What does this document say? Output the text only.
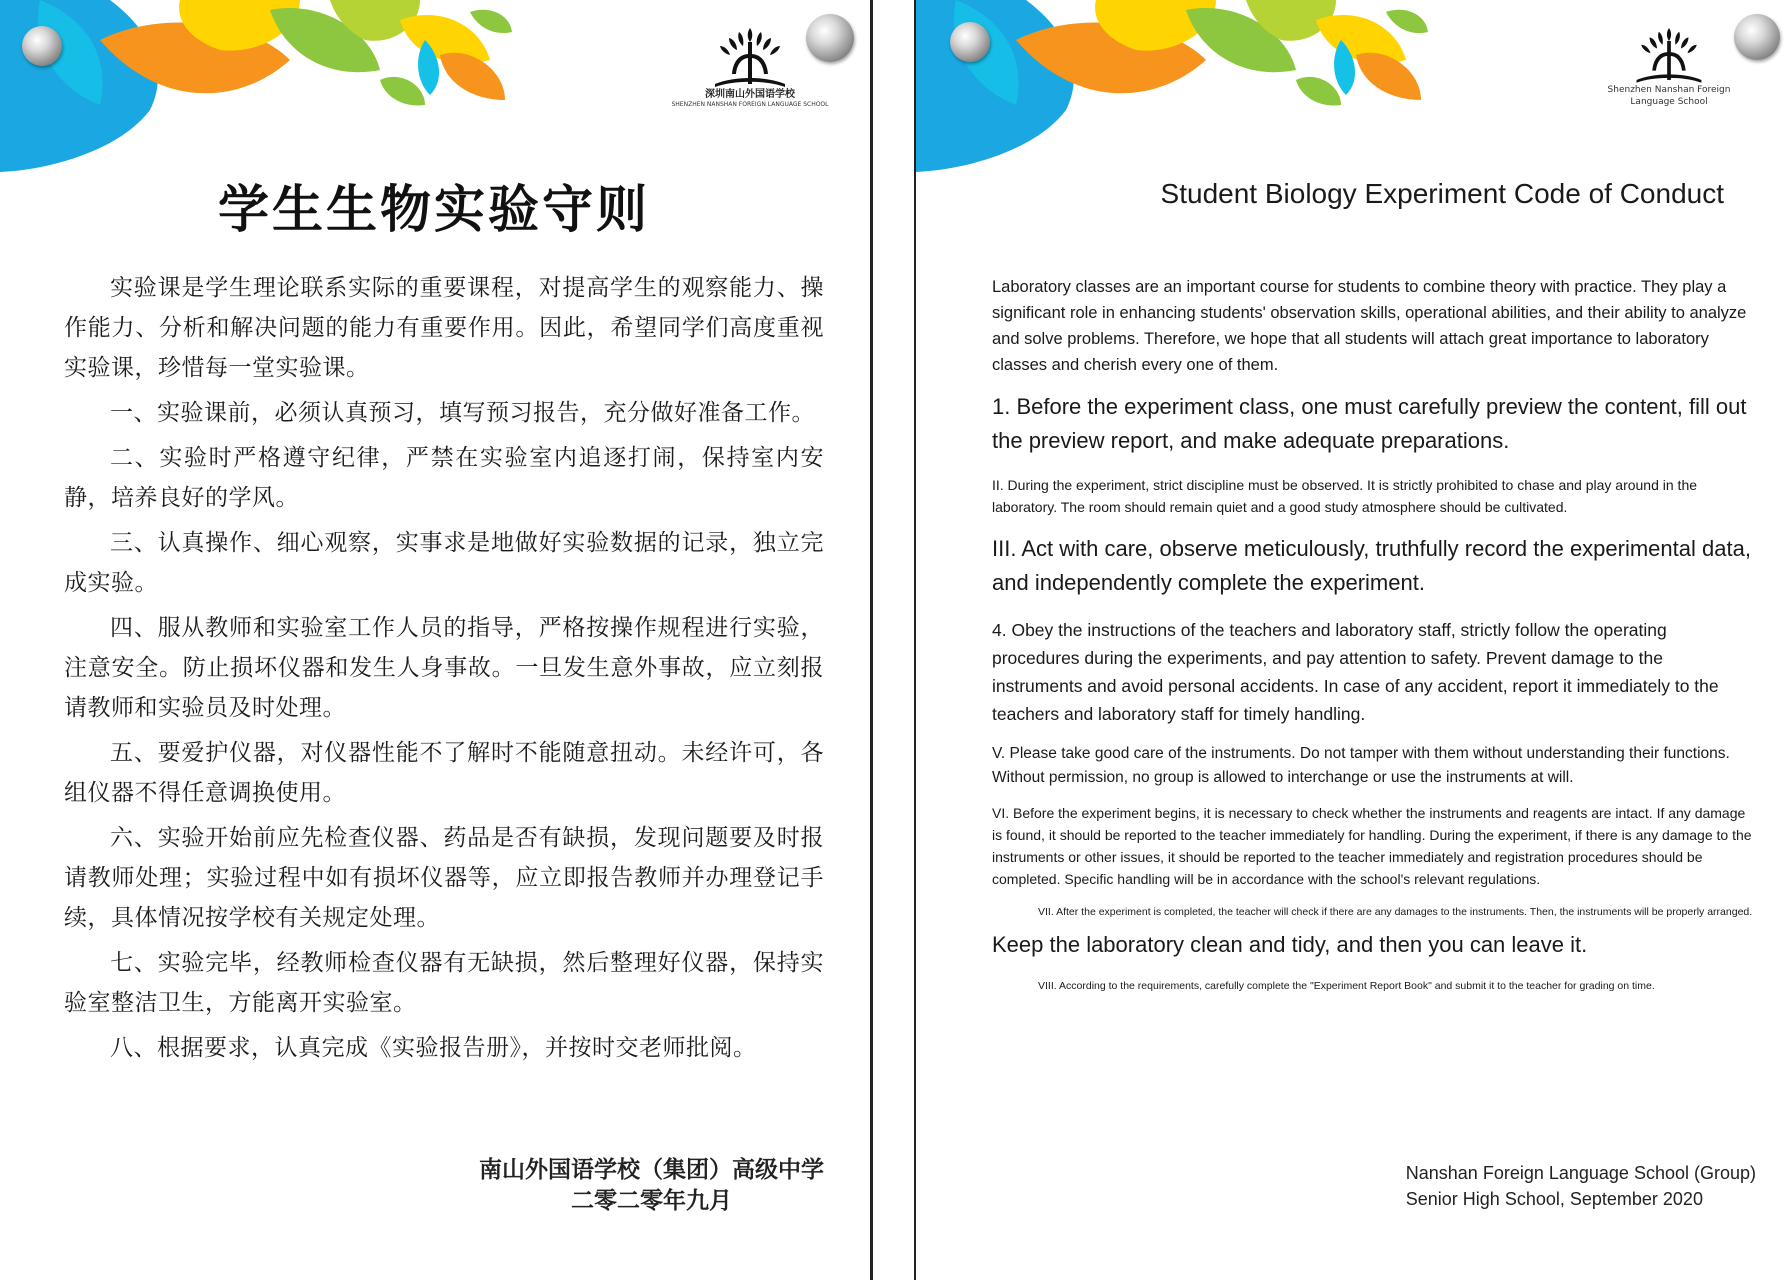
深圳南山外国语学校
SHENZHEN NANSHAN FOREIGN LANGUAGE SCHOOL
学生生物实验守则

实验课是学生理论联系实际的重要课程，对提高学生的观察能力、操作能力、分析和解决问题的能力有重要作用。因此，希望同学们高度重视实验课，珍惜每一堂实验课。

一、实验课前，必须认真预习，填写预习报告，充分做好准备工作。

二、实验时严格遵守纪律，严禁在实验室内追逐打闹，保持室内安静，培养良好的学风。

三、认真操作、细心观察，实事求是地做好实验数据的记录，独立完成实验。

四、服从教师和实验室工作人员的指导，严格按操作规程进行实验，注意安全。防止损坏仪器和发生人身事故。一旦发生意外事故，应立刻报请教师和实验员及时处理。

五、要爱护仪器，对仪器性能不了解时不能随意扭动。未经许可，各组仪器不得任意调换使用。

六、实验开始前应先检查仪器、药品是否有缺损，发现问题要及时报请教师处理；实验过程中如有损坏仪器等，应立即报告教师并办理登记手续，具体情况按学校有关规定处理。

七、实验完毕，经教师检查仪器有无缺损，然后整理好仪器，保持实验室整洁卫生，方能离开实验室。

八、根据要求，认真完成《实验报告册》，并按时交老师批阅。

南山外国语学校（集团）高级中学
二零二零年九月
Shenzhen Nanshan Foreign
Language School
Student Biology Experiment Code of Conduct

Laboratory classes are an important course for students to combine theory with practice. They play a significant role in enhancing students' observation skills, operational abilities, and their ability to analyze and solve problems. Therefore, we hope that all students will attach great importance to laboratory classes and cherish every one of them.

1. Before the experiment class, one must carefully preview the content, fill out the preview report, and make adequate preparations.

II. During the experiment, strict discipline must be observed. It is strictly prohibited to chase and play around in the laboratory. The room should remain quiet and a good study atmosphere should be cultivated.

III. Act with care, observe meticulously, truthfully record the experimental data, and independently complete the experiment.

4. Obey the instructions of the teachers and laboratory staff, strictly follow the operating procedures during the experiments, and pay attention to safety. Prevent damage to the instruments and avoid personal accidents. In case of any accident, report it immediately to the teachers and laboratory staff for timely handling.

V. Please take good care of the instruments. Do not tamper with them without understanding their functions. Without permission, no group is allowed to interchange or use the instruments at will.

VI. Before the experiment begins, it is necessary to check whether the instruments and reagents are intact. If any damage is found, it should be reported to the teacher immediately for handling. During the experiment, if there is any damage to the instruments or other issues, it should be reported to the teacher immediately and registration procedures should be completed. Specific handling will be in accordance with the school's relevant regulations.

VII. After the experiment is completed, the teacher will check if there are any damages to the instruments. Then, the instruments will be properly arranged.

Keep the laboratory clean and tidy, and then you can leave it.

VIII. According to the requirements, carefully complete the "Experiment Report Book" and submit it to the teacher for grading on time.

Nanshan Foreign Language School (Group)
Senior High School, September 2020
